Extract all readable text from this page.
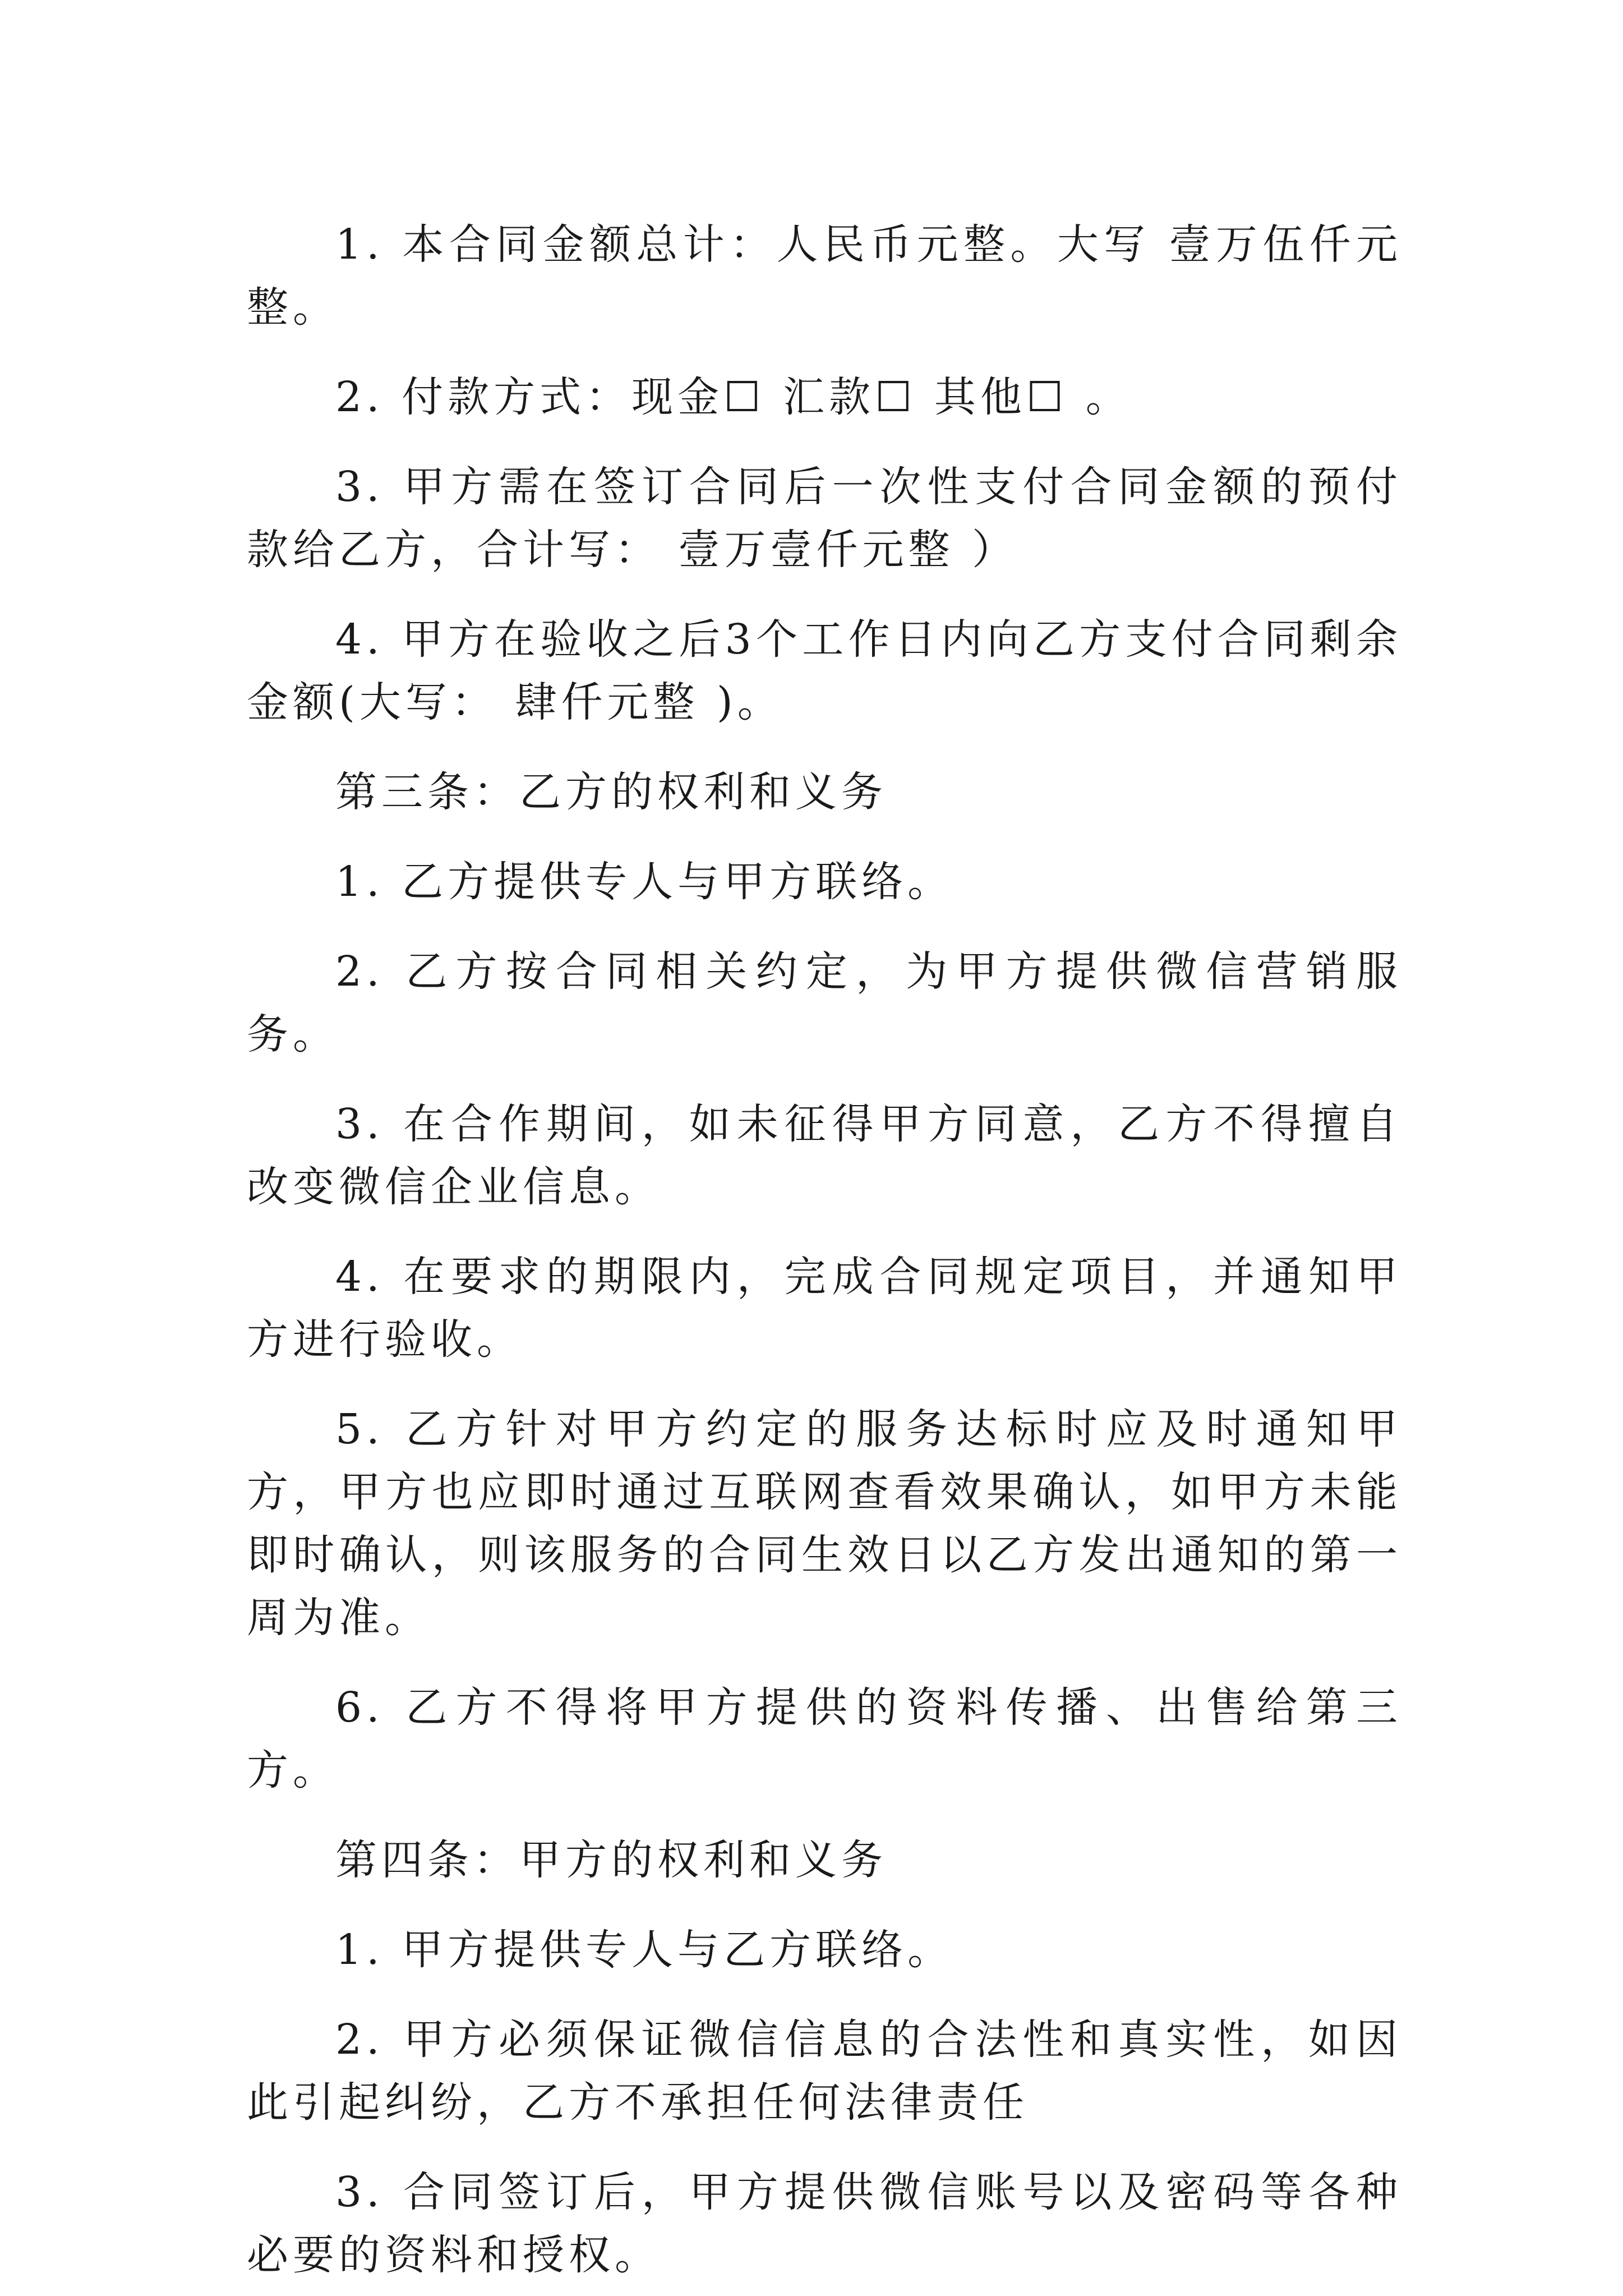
1. 本合同金额总计：人民币元整。大写 壹万伍仟元整。

2. 付款方式：现金☐ 汇款☐ 其他☐ 。

3. 甲方需在签订合同后一次性支付合同金额的预付款给乙方，合计写： 壹万壹仟元整 ）

4. 甲方在验收之后3个工作日内向乙方支付合同剩余金额(大写： 肆仟元整 )。

第三条：乙方的权利和义务

1. 乙方提供专人与甲方联络。

2. 乙方按合同相关约定，为甲方提供微信营销服务。

3. 在合作期间，如未征得甲方同意，乙方不得擅自改变微信企业信息。

4. 在要求的期限内，完成合同规定项目，并通知甲方进行验收。

5. 乙方针对甲方约定的服务达标时应及时通知甲方，甲方也应即时通过互联网查看效果确认，如甲方未能即时确认，则该服务的合同生效日以乙方发出通知的第一周为准。

6. 乙方不得将甲方提供的资料传播、出售给第三方。

第四条：甲方的权利和义务

1. 甲方提供专人与乙方联络。

2. 甲方必须保证微信信息的合法性和真实性，如因此引起纠纷，乙方不承担任何法律责任

3. 合同签订后，甲方提供微信账号以及密码等各种必要的资料和授权。
